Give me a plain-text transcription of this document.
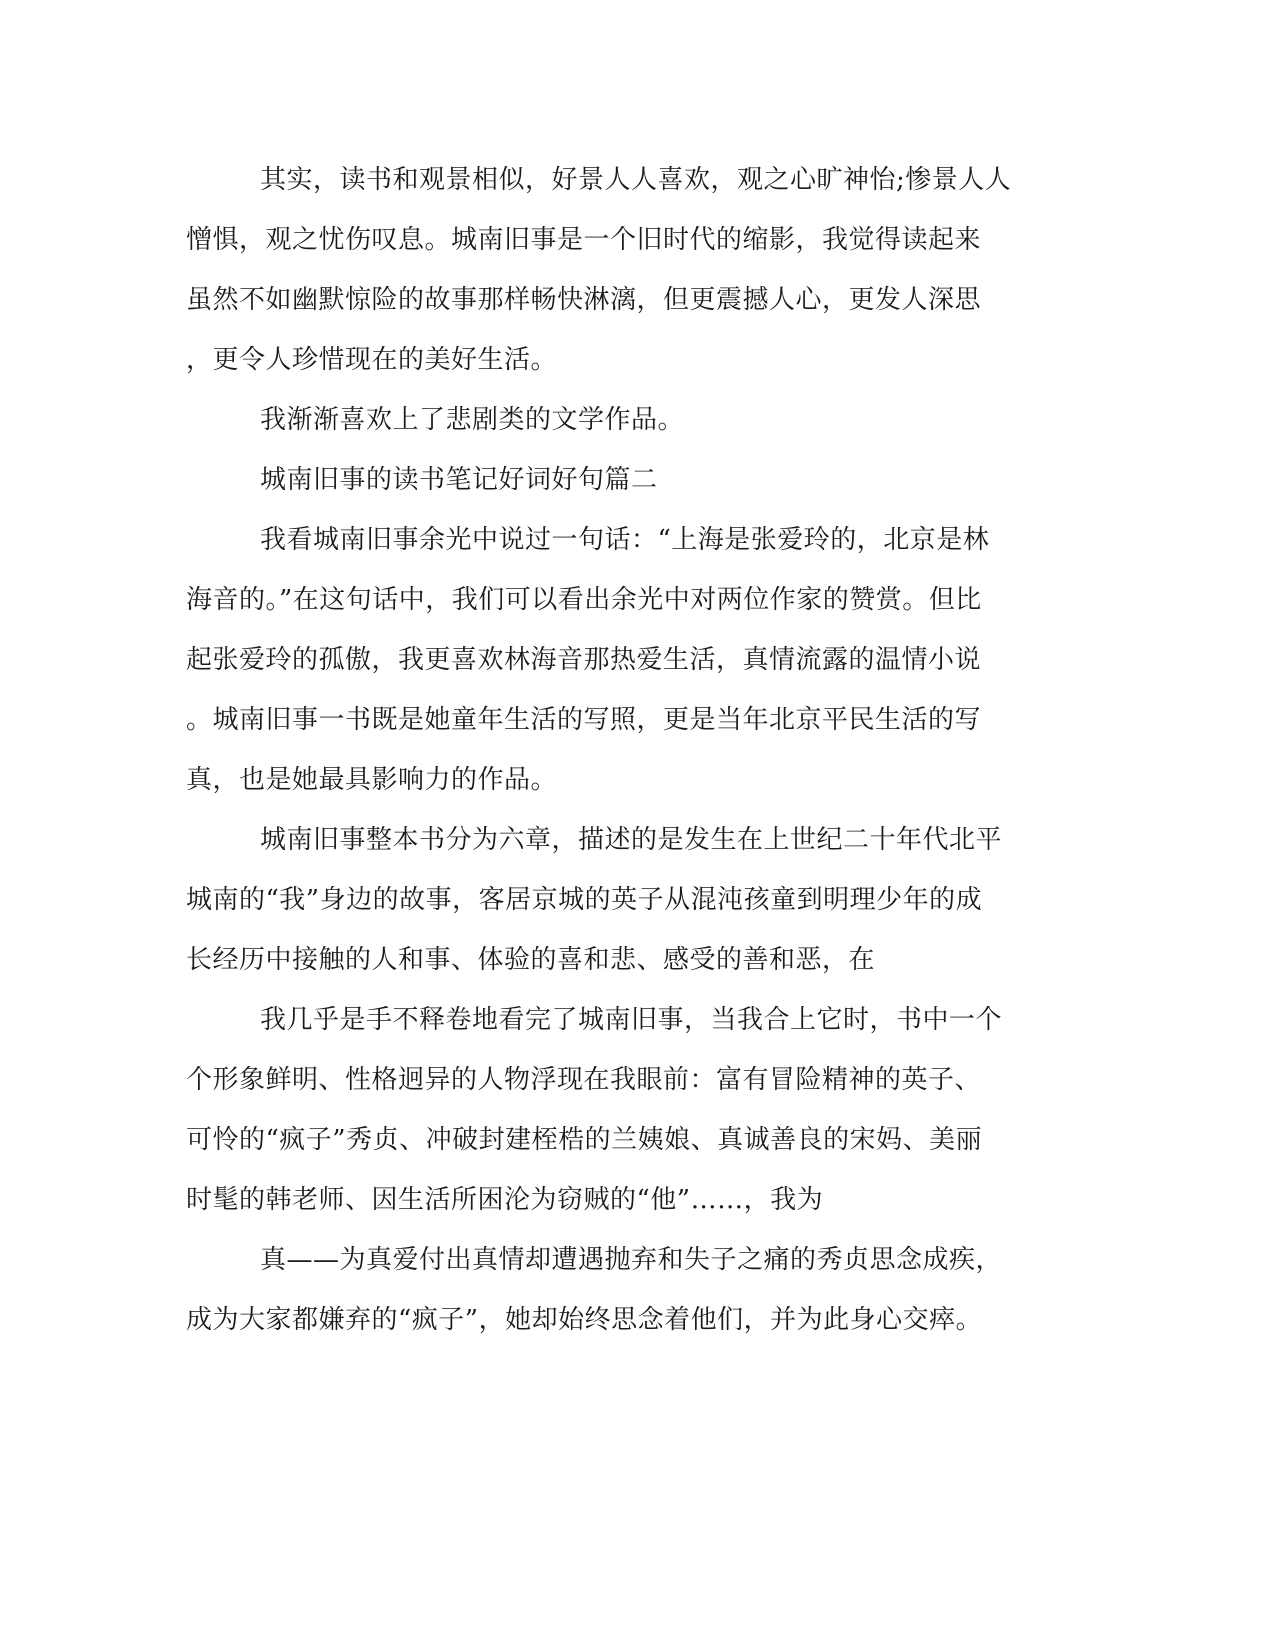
其实，读书和观景相似，好景人人喜欢，观之心旷神怡;惨景人人
憎惧，观之忧伤叹息。城南旧事是一个旧时代的缩影，我觉得读起来
虽然不如幽默惊险的故事那样畅快淋漓，但更震撼人心，更发人深思
，更令人珍惜现在的美好生活。
我渐渐喜欢上了悲剧类的文学作品。
城南旧事的读书笔记好词好句篇二
我看城南旧事余光中说过一句话：“上海是张爱玲的，北京是林
海音的。”在这句话中，我们可以看出余光中对两位作家的赞赏。但比
起张爱玲的孤傲，我更喜欢林海音那热爱生活，真情流露的温情小说
。城南旧事一书既是她童年生活的写照，更是当年北京平民生活的写
真，也是她最具影响力的作品。
城南旧事整本书分为六章，描述的是发生在上世纪二十年代北平
城南的“我”身边的故事，客居京城的英子从混沌孩童到明理少年的成
长经历中接触的人和事、体验的喜和悲、感受的善和恶，在
我几乎是手不释卷地看完了城南旧事，当我合上它时，书中一个
个形象鲜明、性格迥异的人物浮现在我眼前：富有冒险精神的英子、
可怜的“疯子”秀贞、冲破封建桎梏的兰姨娘、真诚善良的宋妈、美丽
时髦的韩老师、因生活所困沦为窃贼的“他”……，我为
真——为真爱付出真情却遭遇抛弃和失子之痛的秀贞思念成疾，
成为大家都嫌弃的“疯子”，她却始终思念着他们，并为此身心交瘁。
